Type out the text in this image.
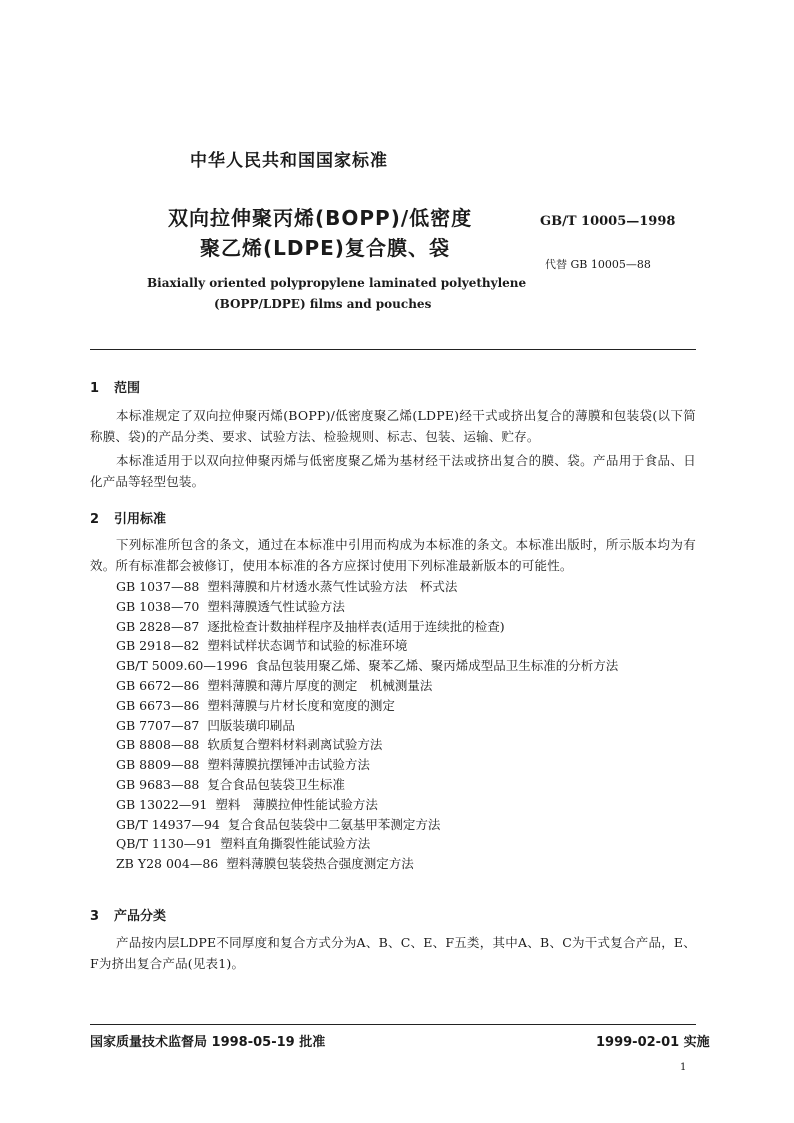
中华人民共和国国家标准

双向拉伸聚丙烯(BOPP)/低密度

聚乙烯(LDPE)复合膜、袋

GB/T 10005—1998

代替 GB 10005—88

Biaxially oriented polypropylene laminated polyethylene

(BOPP/LDPE) films and pouches

1 范围

本标准规定了双向拉伸聚丙烯(BOPP)/低密度聚乙烯(LDPE)经干式或挤出复合的薄膜和包装袋(以下简称膜、袋)的产品分类、要求、试验方法、检验规则、标志、包装、运输、贮存。

本标准适用于以双向拉伸聚丙烯与低密度聚乙烯为基材经干法或挤出复合的膜、袋。产品用于食品、日化产品等轻型包装。

2 引用标准

下列标准所包含的条文，通过在本标准中引用而构成为本标准的条文。本标准出版时，所示版本均为有效。所有标准都会被修订，使用本标准的各方应探讨使用下列标准最新版本的可能性。

GB 1037—88 塑料薄膜和片材透水蒸气性试验方法　杯式法
GB 1038—70 塑料薄膜透气性试验方法
GB 2828—87 逐批检查计数抽样程序及抽样表(适用于连续批的检查)
GB 2918—82 塑料试样状态调节和试验的标准环境
GB/T 5009.60—1996 食品包装用聚乙烯、聚苯乙烯、聚丙烯成型品卫生标准的分析方法
GB 6672—86 塑料薄膜和薄片厚度的测定　机械测量法
GB 6673—86 塑料薄膜与片材长度和宽度的测定
GB 7707—87 凹版装璜印刷品
GB 8808—88 软质复合塑料材料剥离试验方法
GB 8809—88 塑料薄膜抗摆锤冲击试验方法
GB 9683—88 复合食品包装袋卫生标准
GB 13022—91 塑料　薄膜拉伸性能试验方法
GB/T 14937—94 复合食品包装袋中二氨基甲苯测定方法
QB/T 1130—91 塑料直角撕裂性能试验方法
ZB Y28 004—86 塑料薄膜包装袋热合强度测定方法

3 产品分类

产品按内层LDPE不同厚度和复合方式分为A、B、C、E、F五类，其中A、B、C为干式复合产品，E、F为挤出复合产品(见表1)。

国家质量技术监督局 1998-05-19 批准	1999-02-01 实施

1
